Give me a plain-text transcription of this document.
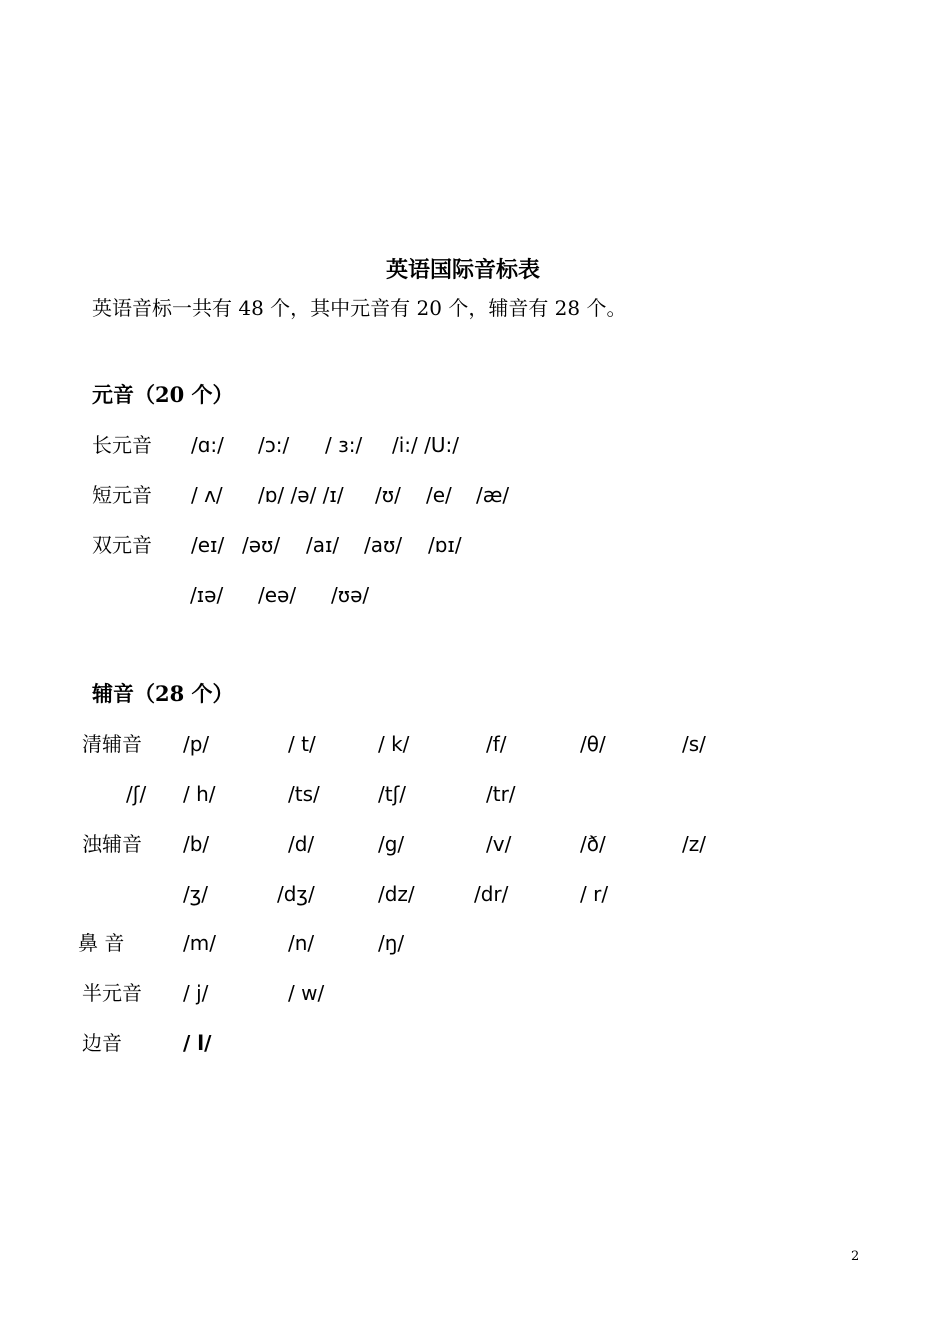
英语国际音标表
英语音标一共有 48 个，其中元音有 20 个，辅音有 28 个。
元音（20 个）
长元音 /ɑ:/ /ɔ:/ / ɜ:/ /i:/ /U:/
短元音 / ʌ/ /ɒ/ /ə/ /ɪ/ /ʊ/ /e/ /æ/
双元音 /eɪ/ /əʊ/ /aɪ/ /aʊ/ /ɒɪ/
/ɪə/ /eə/ /ʊə/
辅音（28 个）
清辅音 /p/	/ t/	/ k/	/f/	/θ/	/s/
/ʃ/ / h/	/ts/	/tʃ/	/tr/
浊辅音 /b/	/d/	/g/	/v/	/ð/	/z/
/ʒ/	/dʒ/	/dz/	/dr/	/ r/
鼻 音	/m/	/n/	/ŋ/
半元音 / j/	/ w/
边音	/ l/
2
